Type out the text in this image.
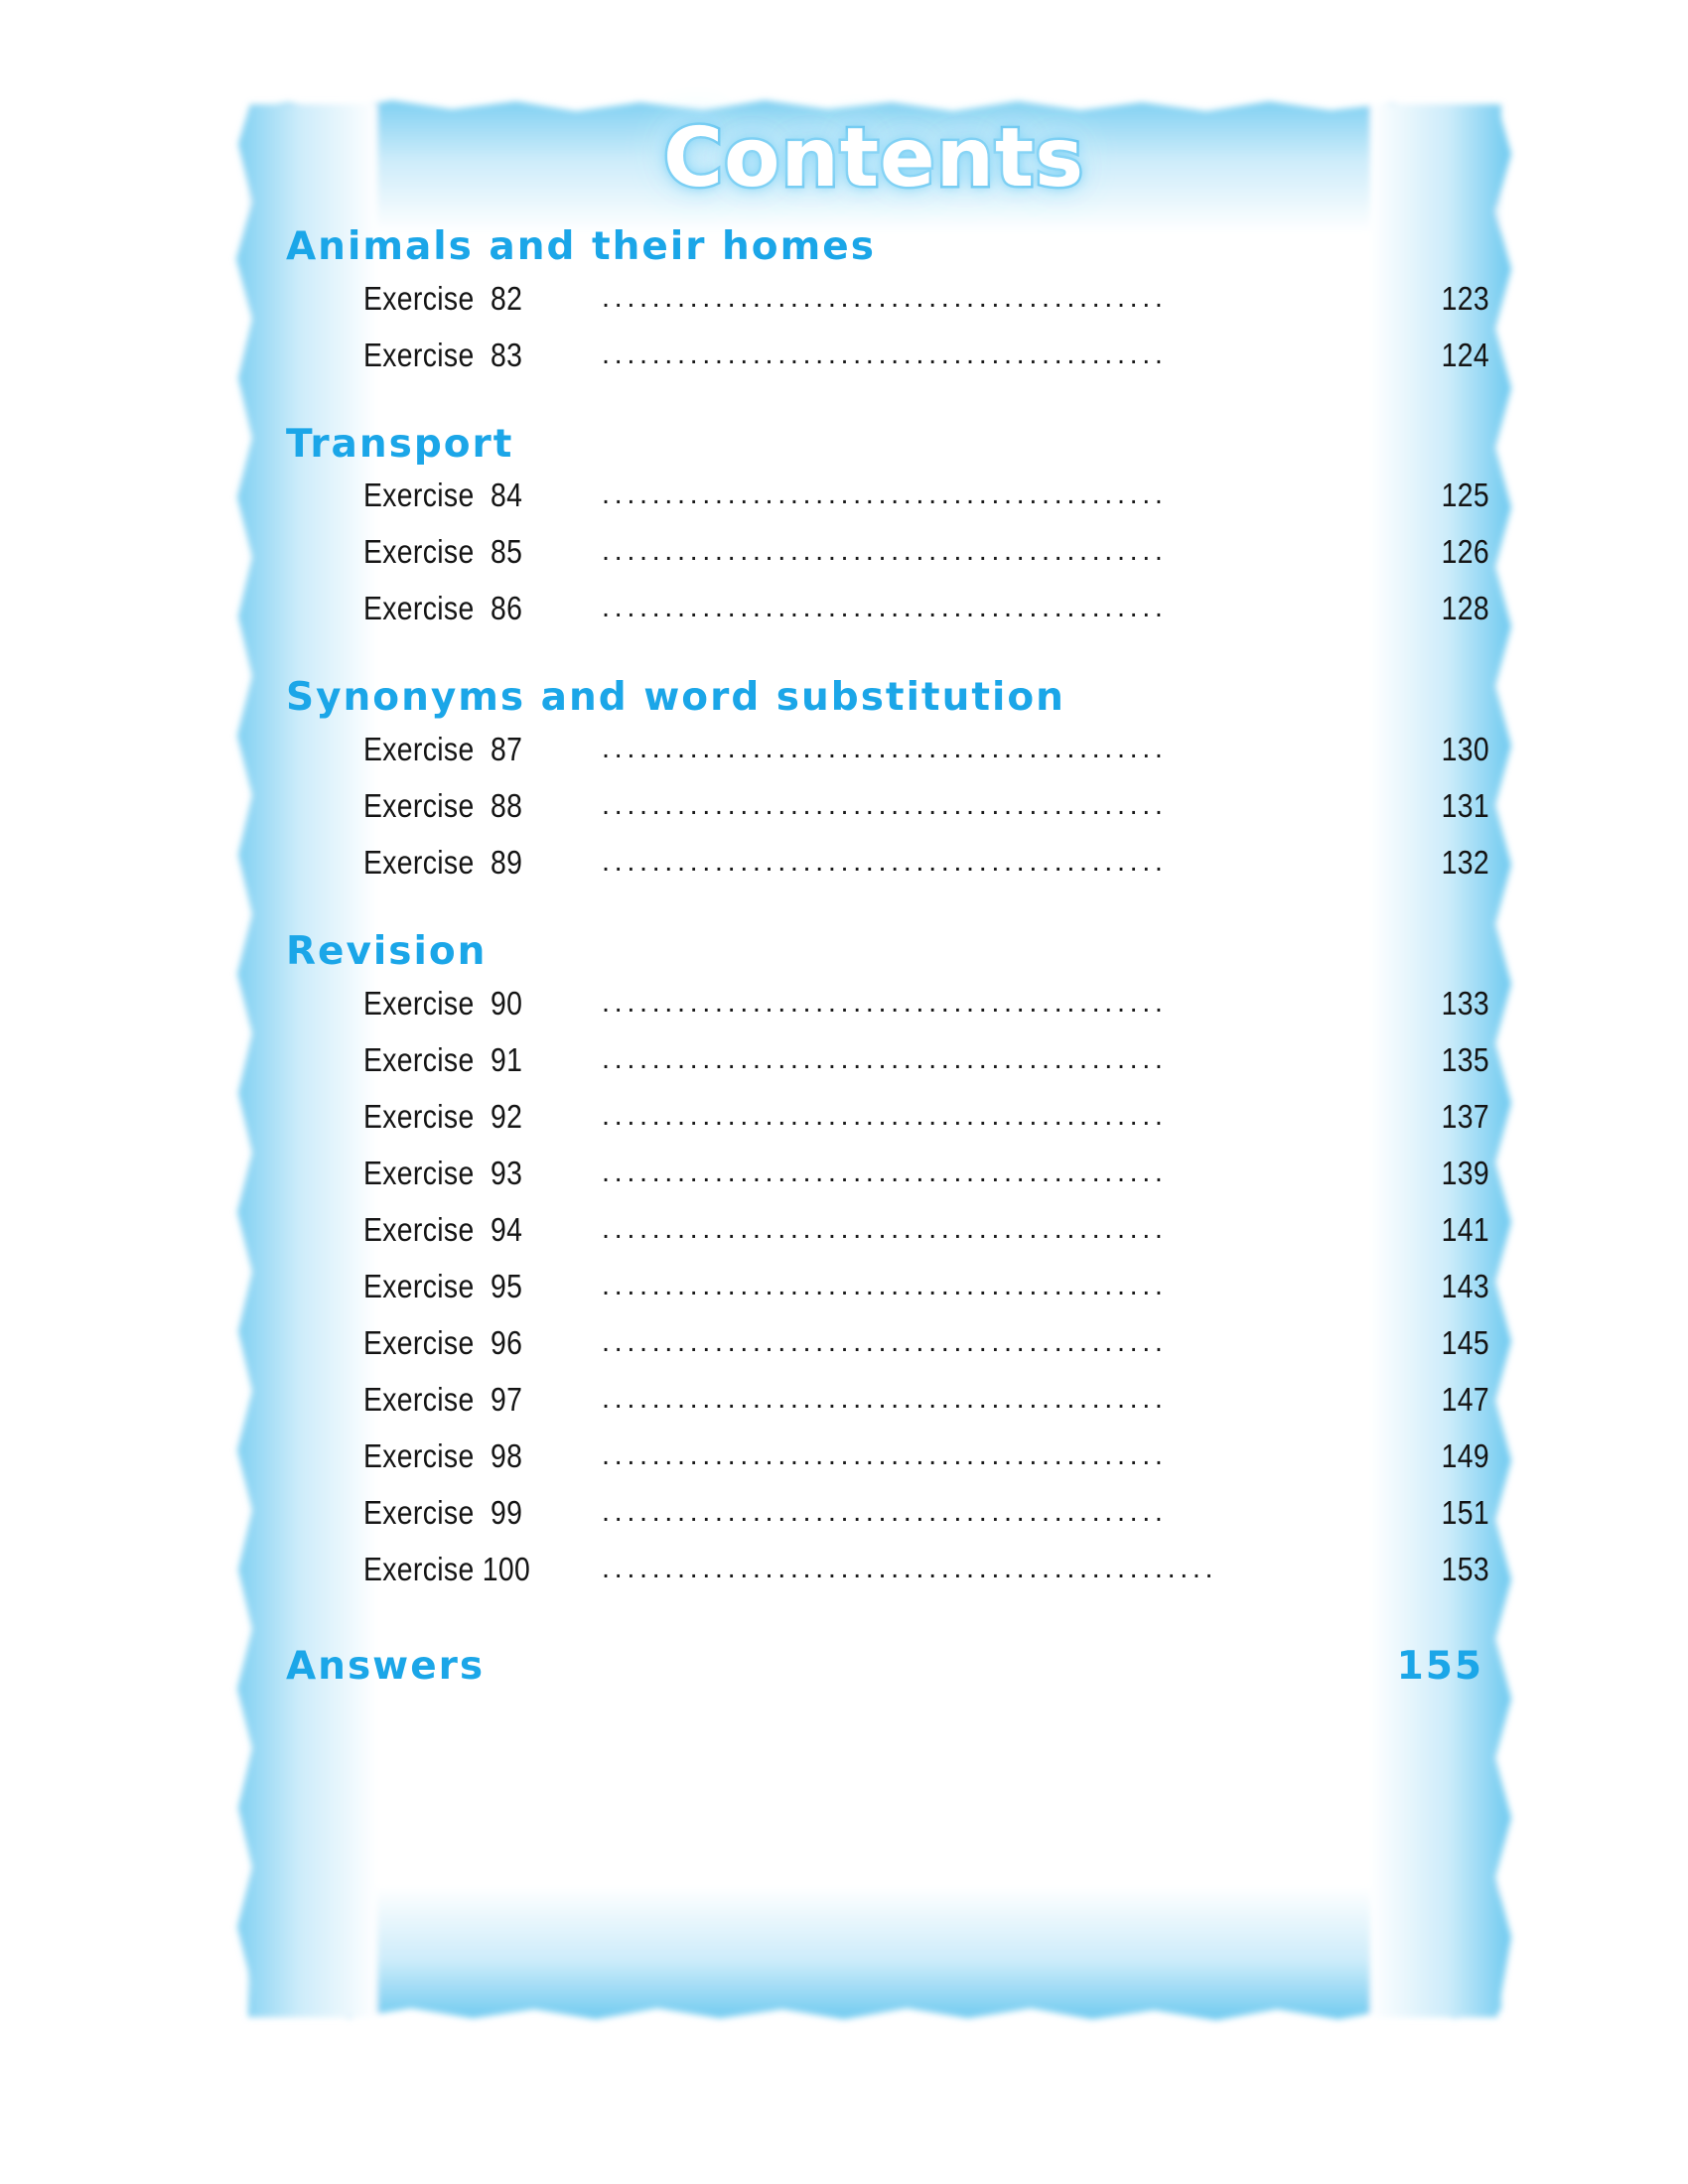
Contents
Animals and their homes
Exercise  82	.............................................	123
Exercise  83	.............................................	124
Transport
Exercise  84	.............................................	125
Exercise  85	.............................................	126
Exercise  86	.............................................	128
Synonyms and word substitution
Exercise  87	.............................................	130
Exercise  88	.............................................	131
Exercise  89	.............................................	132
Revision
Exercise  90	.............................................	133
Exercise  91	.............................................	135
Exercise  92	.............................................	137
Exercise  93	.............................................	139
Exercise  94	.............................................	141
Exercise  95	.............................................	143
Exercise  96	.............................................	145
Exercise  97	.............................................	147
Exercise  98	.............................................	149
Exercise  99	.............................................	151
Exercise 100	.................................................	153
Answers	155
